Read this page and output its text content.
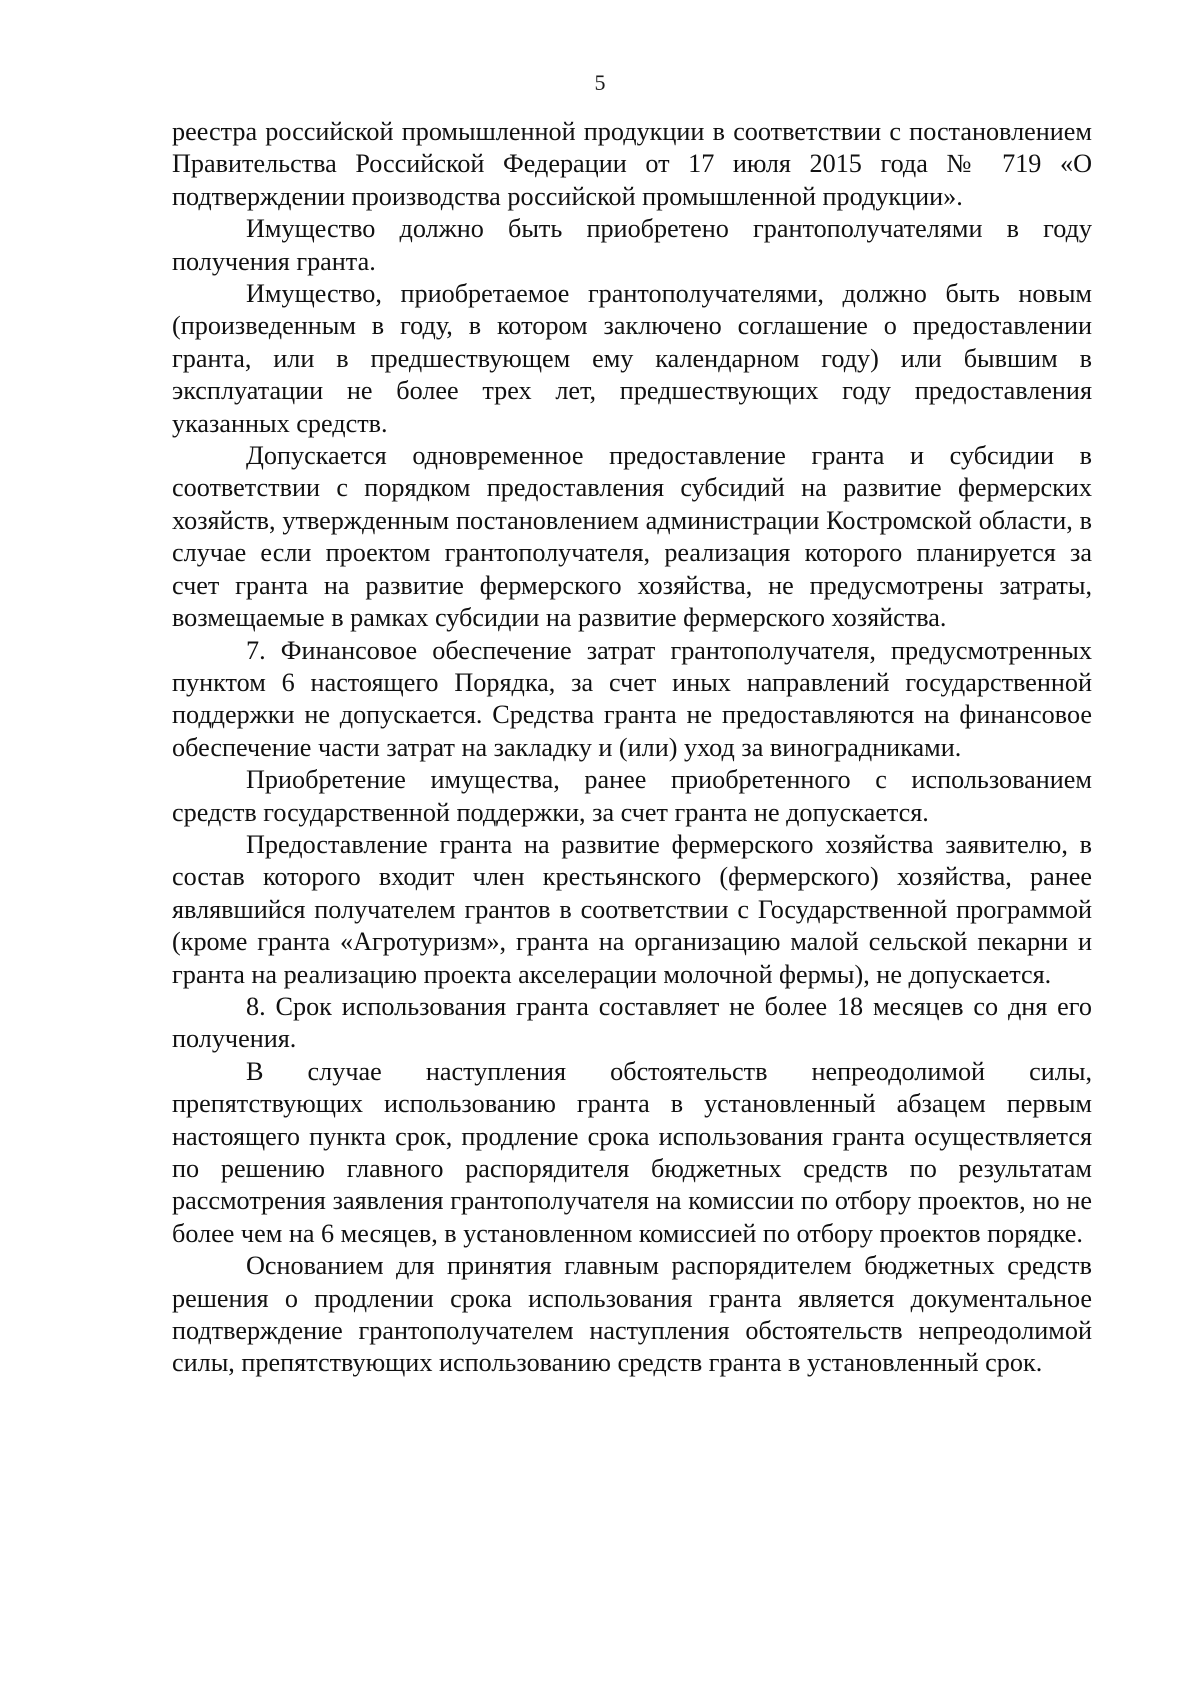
5

реестра российской промышленной продукции в соответствии с постановлением Правительства Российской Федерации от 17 июля 2015 года № 719 «О подтверждении производства российской промышленной продукции».

Имущество должно быть приобретено грантополучателями в году получения гранта.

Имущество, приобретаемое грантополучателями, должно быть новым (произведенным в году, в котором заключено соглашение о предоставлении гранта, или в предшествующем ему календарном году) или бывшим в эксплуатации не более трех лет, предшествующих году предоставления указанных средств.

Допускается одновременное предоставление гранта и субсидии в соответствии с порядком предоставления субсидий на развитие фермерских хозяйств, утвержденным постановлением администрации Костромской области, в случае если проектом грантополучателя, реализация которого планируется за счет гранта на развитие фермерского хозяйства, не предусмотрены затраты, возмещаемые в рамках субсидии на развитие фермерского хозяйства.

7. Финансовое обеспечение затрат грантополучателя, предусмотренных пунктом 6 настоящего Порядка, за счет иных направлений государственной поддержки не допускается. Средства гранта не предоставляются на финансовое обеспечение части затрат на закладку и (или) уход за виноградниками.

Приобретение имущества, ранее приобретенного с использованием средств государственной поддержки, за счет гранта не допускается.

Предоставление гранта на развитие фермерского хозяйства заявителю, в состав которого входит член крестьянского (фермерского) хозяйства, ранее являвшийся получателем грантов в соответствии с Государственной программой (кроме гранта «Агротуризм», гранта на организацию малой сельской пекарни и гранта на реализацию проекта акселерации молочной фермы), не допускается.

8. Срок использования гранта составляет не более 18 месяцев со дня его получения.

В случае наступления обстоятельств непреодолимой силы, препятствующих использованию гранта в установленный абзацем первым настоящего пункта срок, продление срока использования гранта осуществляется по решению главного распорядителя бюджетных средств по результатам рассмотрения заявления грантополучателя на комиссии по отбору проектов, но не более чем на 6 месяцев, в установленном комиссией по отбору проектов порядке.

Основанием для принятия главным распорядителем бюджетных средств решения о продлении срока использования гранта является документальное подтверждение грантополучателем наступления обстоятельств непреодолимой силы, препятствующих использованию средств гранта в установленный срок.
